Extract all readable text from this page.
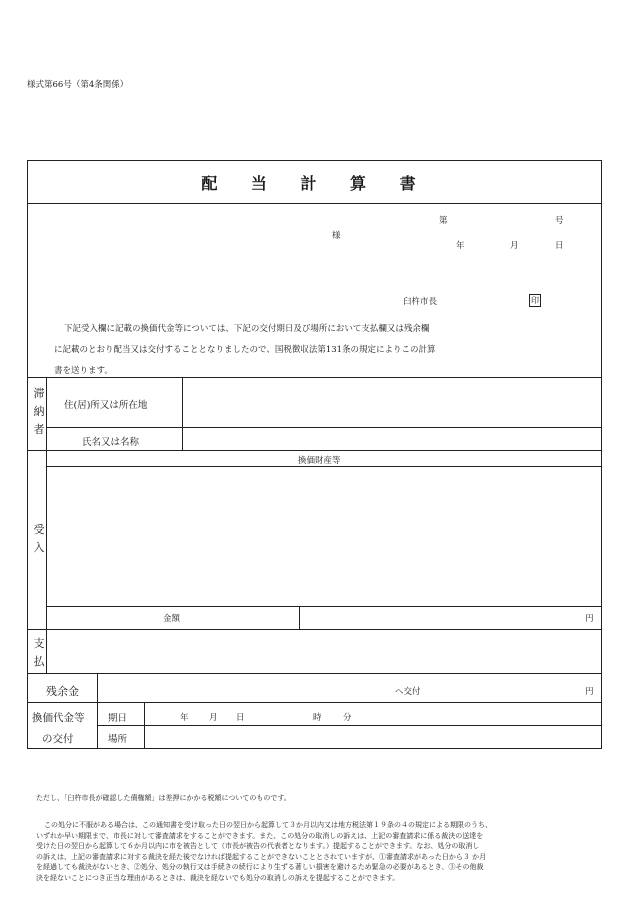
様式第66号（第4条関係）
配 当 計 算 書
第	号
様
年	月	日
臼杵市長	印
下記受入欄に記載の換価代金等については、下記の交付期日及び場所において支払欄又は残余欄
に記載のとおり配当又は交付することとなりましたので、国税徴収法第131条の規定によりこの計算
書を送ります。
滞
納
者
住(居)所又は所在地
氏名又は名称
受
入
換価財産等
金額	円
支
払
残余金	へ交付	円
換価代金等
の交付
期日	年 月 日	時	分
場所
ただし、「臼杵市長が確認した債権額」は差押にかかる税額についてのものです。
この処分に不服がある場合は、この通知書を受け取った日の翌日から起算して３か月以内又は地方税法第１９条の４の規定による期限のうち、
いずれか早い期限まで、市長に対して審査請求をすることができます。また、この処分の取消しの訴えは、上記の審査請求に係る裁決の送達を
受けた日の翌日から起算して６か月以内に市を被告として（市長が被告の代表者となります。）提起することができます。なお、処分の取消し
の訴えは、上記の審査請求に対する裁決を経た後でなければ提起することができないこととされていますが、①審査請求があった日から３ か月
を経過しても裁決がないとき、②処分、処分の執行又は手続きの続行により生ずる著しい損害を避けるため緊急の必要があるとき、③その他裁
決を経ないことにつき正当な理由があるときは、裁決を経ないでも処分の取消しの訴えを提起することができます。
